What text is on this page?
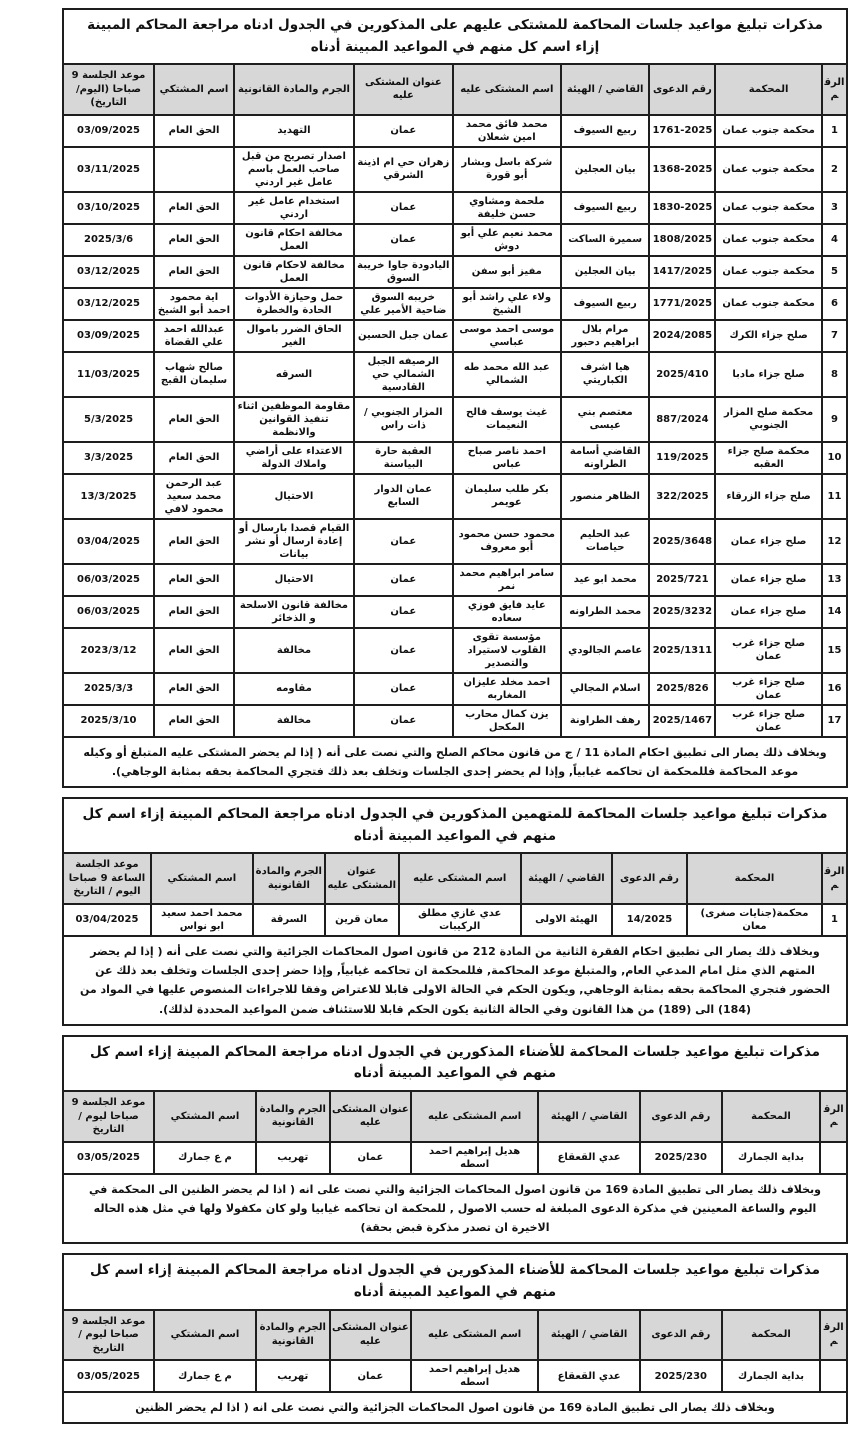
مذكرات تبليغ مواعيد جلسات المحاكمة للمشتكى عليهم على المذكورين في الجدول ادناه مراجعة المحاكم المبينة إزاء اسم كل منهم في المواعيد المبينة أدناه								
الرقم	المحكمة	رقم الدعوى	القاضي / الهيئة	اسم المشتكى عليه	عنوان المشتكى عليه	الجرم والمادة القانونية	اسم المشتكي	موعد الجلسة 9 صباحا (اليوم/التاريخ)
1	محكمة جنوب عمان	1761-2025	ربيع السيوف	محمد فائق محمد امين شعلان	عمان	التهديد	الحق العام	03/09/2025
2	محكمة جنوب عمان	1368-2025	بيان العجلين	شركة باسل وبشار أبو قورة	زهران حي ام اذينة الشرقي	اصدار تصريح من قبل صاحب العمل باسم عامل غير اردني		03/11/2025
3	محكمة جنوب عمان	1830-2025	ربيع السيوف	ملحمة ومشاوي حسن خليفة	عمان	استخدام عامل غير اردني	الحق العام	03/10/2025
4	محكمة جنوب عمان	1808/2025	سميرة الساكت	محمد نعيم علي أبو دوش	عمان	مخالفة احكام قانون العمل	الحق العام	2025/3/6
5	محكمة جنوب عمان	1417/2025	بيان العجلين	مفيز أبو سفن	اليادودة جاوا خريبة السوق	مخالفة لاحكام قانون العمل	الحق العام	03/12/2025
6	محكمة جنوب عمان	1771/2025	ربيع السيوف	ولاء علي راشد أبو الشيخ	خريبه السوق ضاحية الأمير علي	حمل وحيازة الأدوات الحادة والخطرة	اية محمود احمد أبو الشيخ	03/12/2025
7	صلح جزاء الكرك	2024/2085	مرام بلال ابراهيم دحبور	موسى احمد موسى عباسي	عمان جبل الحسين	الحاق الضرر باموال الغير	عبدالله احمد علي القضاة	03/09/2025
8	صلح جزاء مادبا	2025/410	هيا اشرف الكباريتي	عبد الله محمد طه الشمالي	الرصيفه الجبل الشمالي حي القادسية	السرقه	صالح شهاب سليمان القبج	11/03/2025
9	محكمة صلح المزار الجنوبي	887/2024	معتصم بني عيسى	غيث يوسف فالح النعيمات	المزار الجنوبي / ذات راس	مقاومة الموظفين اثناء تنفيذ القوانين والانظمة	الحق العام	5/3/2025
10	محكمة صلح جزاء العقبه	119/2025	القاضي أسامة الطراونه	احمد ناصر صباح عباس	العقبة حارة البياسنة	الاعتداء على أراضي واملاك الدولة	الحق العام	3/3/2025
11	صلح جزاء الزرقاء	322/2025	الظاهر منصور	بكر طلب سليمان عويمر	عمان الدوار السابع	الاحتيال	عبد الرحمن محمد سعيد محمود لافي	13/3/2025
12	صلح جزاء عمان	2025/3648	عبد الحليم حياصات	محمود حسن محمود أبو معروف	عمان	القيام قصدا بارسال أو إعادة ارسال أو نشر بيانات	الحق العام	03/04/2025
13	صلح جزاء عمان	2025/721	محمد ابو عيد	سامر ابراهيم محمد نمر	عمان	الاحتيال	الحق العام	06/03/2025
14	صلح جزاء عمان	2025/3232	محمد الطراونه	عايد فايق فوزي سعاده	عمان	مخالفة قانون الاسلحة و الذخائر	الحق العام	06/03/2025
15	صلح جزاء غرب عمان	2025/1311	عاصم الجالودي	مؤسسة تقوى القلوب لاستيراد والتصدير	عمان	مخالفة	الحق العام	2023/3/12
16	صلح جزاء غرب عمان	2025/826	اسلام المجالي	احمد مخلد عليزان المغاربه	عمان	مقاومه	الحق العام	2025/3/3
17	صلح جزاء غرب عمان	2025/1467	رهف الطراونة	يزن كمال محارب المكحل	عمان	مخالفة	الحق العام	2025/3/10
وبخلاف ذلك يصار الى تطبيق احكام المادة 11 / ج من قانون محاكم الصلح والتي نصت على أنه ( إذا لم يحضر المشتكى عليه المتبلغ أو وكيله موعد المحاكمة فللمحكمة ان تحاكمه غيابياً, وإذا لم يحضر إحدى الجلسات وتخلف بعد ذلك فتجري المحاكمة بحقه بمثابة الوجاهي).								
مذكرات تبليغ مواعيد جلسات المحاكمة للمتهمين المذكورين في الجدول ادناه مراجعة المحاكم المبينة إزاء اسم كل منهم في المواعيد المبينة أدناه								
الرقم	المحكمة	رقم الدعوى	القاضي / الهيئة	اسم المشتكى عليه	عنوان المشتكى عليه	الجرم والمادة القانونية	اسم المشتكي	موعد الجلسة الساعة 9 صباحا اليوم / التاريخ
1	محكمة(جنايات صغرى) معان	14/2025	الهيئة الاولى	عدي غازي مطلق الركيبات	معان قرين	السرقة	محمد احمد سعيد ابو نواس	03/04/2025
وبخلاف ذلك يصار الى تطبيق احكام الفقرة الثانية من المادة 212 من قانون اصول المحاكمات الجزائية والتي نصت على أنه ( إذا لم يحضر المتهم الذي مثل امام المدعي العام, والمتبلغ موعد المحاكمة, فللمحكمة ان تحاكمه غيابياً, وإذا حضر إحدى الجلسات وتخلف بعد ذلك عن الحضور فتجري المحاكمة بحقه بمثابة الوجاهي, ويكون الحكم في الحالة الاولى قابلا للاعتراض وفقا للاجراءات المنصوص عليها في المواد من (184) الى (189) من هذا القانون وفي الحالة الثانية يكون الحكم قابلا للاستئناف ضمن المواعيد المحددة لذلك).								
مذكرات تبليغ مواعيد جلسات المحاكمة للأضناء المذكورين في الجدول ادناه مراجعة المحاكم المبينة إزاء اسم كل منهم في المواعيد المبينة أدناه								
الرقم	المحكمة	رقم الدعوى	القاضي / الهيئة	اسم المشتكى عليه	عنوان المشتكى عليه	الجرم والمادة القانونية	اسم المشتكي	موعد الجلسة 9 صباحا ليوم / التاريخ
	بداية الجمارك	2025/230	عدي القعقاع	هديل إبراهيم احمد اسطه	عمان	تهريب	م ع جمارك	03/05/2025
وبخلاف ذلك يصار الى تطبيق المادة 169 من قانون اصول المحاكمات الجزائية والتي نصت على انه ( اذا لم يحضر الظنين الى المحكمة في اليوم والساعة المعينين في مذكرة الدعوى المبلغة له حسب الاصول , للمحكمة ان تحاكمه غيابيا ولو كان مكفولا ولها في مثل هذه الحاله الاخيرة ان تصدر مذكرة قبض بحقة)								
مذكرات تبليغ مواعيد جلسات المحاكمة للأضناء المذكورين في الجدول ادناه مراجعة المحاكم المبينة إزاء اسم كل منهم في المواعيد المبينة أدناه								
الرقم	المحكمة	رقم الدعوى	القاضي / الهيئة	اسم المشتكى عليه	عنوان المشتكى عليه	الجرم والمادة القانونية	اسم المشتكي	موعد الجلسة 9 صباحا ليوم / التاريخ
	بداية الجمارك	2025/230	عدي القعقاع	هديل إبراهيم احمد اسطه	عمان	تهريب	م ع جمارك	03/05/2025
وبخلاف ذلك يصار الى تطبيق المادة 169 من قانون اصول المحاكمات الجزائية والتي نصت على انه ( اذا لم يحضر الظنين								
